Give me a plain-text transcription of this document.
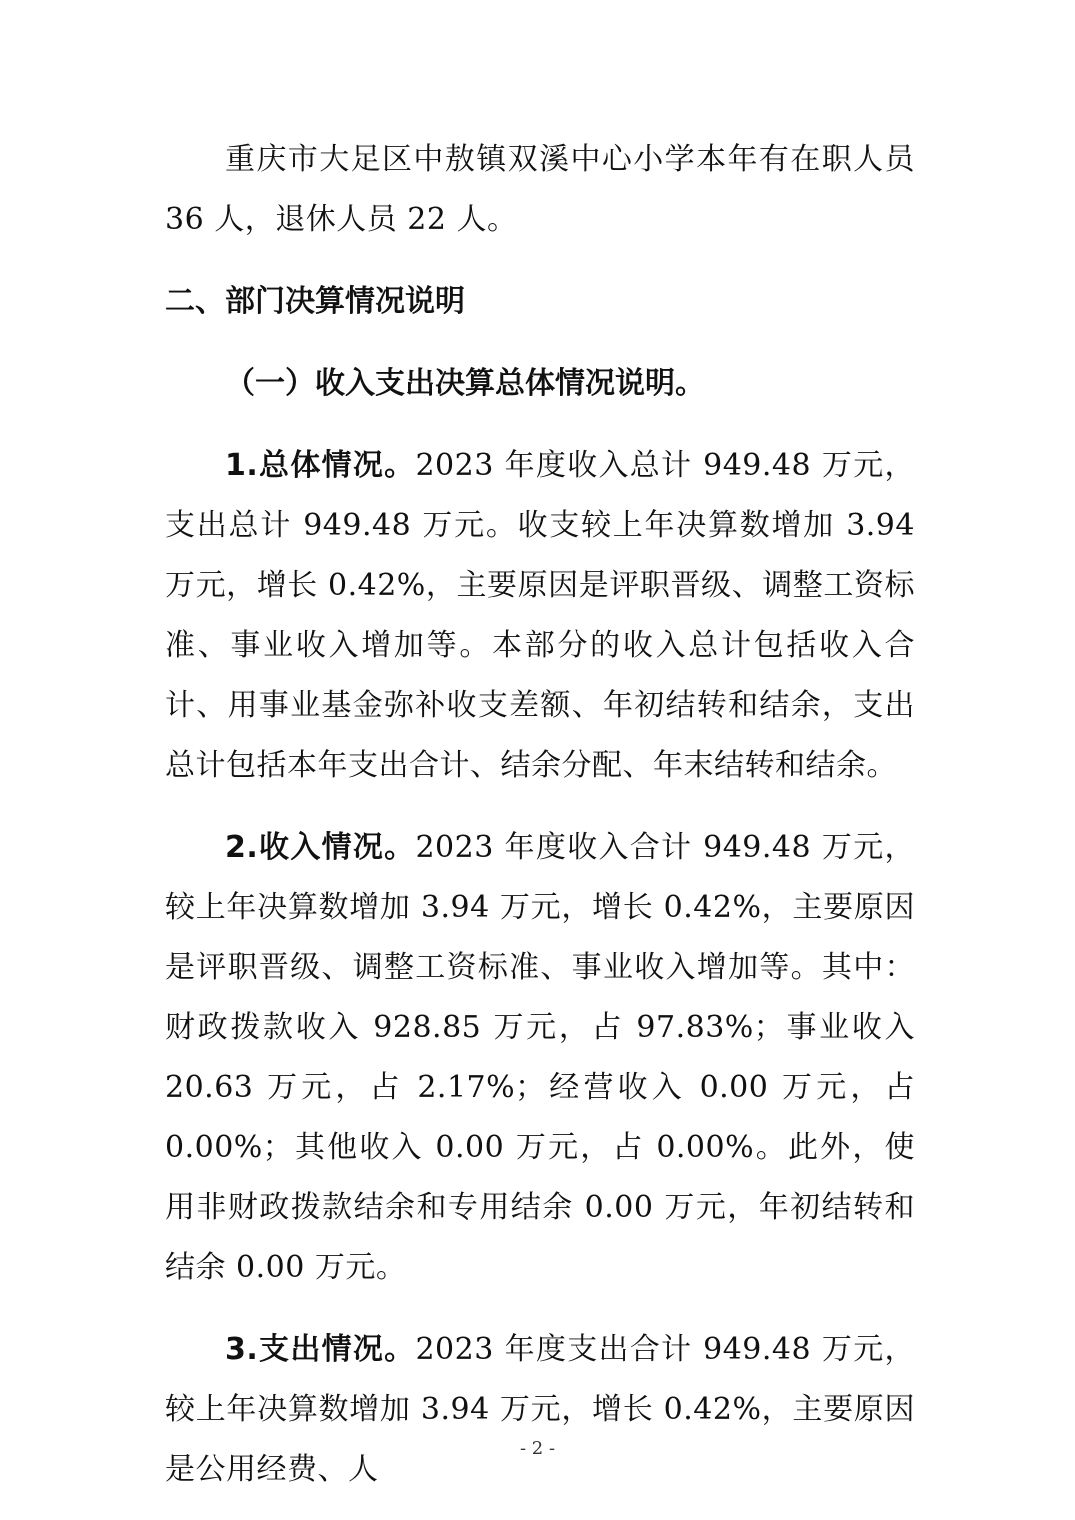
重庆市大足区中敖镇双溪中心小学本年有在职人员 36 人，退休人员 22 人。

二、部门决算情况说明
（一）收入支出决算总体情况说明。

1.总体情况。2023 年度收入总计 949.48 万元，支出总计 949.48 万元。收支较上年决算数增加 3.94 万元，增长 0.42%，主要原因是评职晋级、调整工资标准、事业收入增加等。本部分的收入总计包括收入合计、用事业基金弥补收支差额、年初结转和结余，支出总计包括本年支出合计、结余分配、年末结转和结余。

2.收入情况。2023 年度收入合计 949.48 万元，较上年决算数增加 3.94 万元，增长 0.42%，主要原因是评职晋级、调整工资标准、事业收入增加等。其中：财政拨款收入 928.85 万元，占 97.83%；事业收入 20.63 万元，占 2.17%；经营收入 0.00 万元，占 0.00%；其他收入 0.00 万元，占 0.00%。此外，使用非财政拨款结余和专用结余 0.00 万元，年初结转和结余 0.00 万元。

3.支出情况。2023 年度支出合计 949.48 万元，较上年决算数增加 3.94 万元，增长 0.42%，主要原因是公用经费、人

- 2 -
